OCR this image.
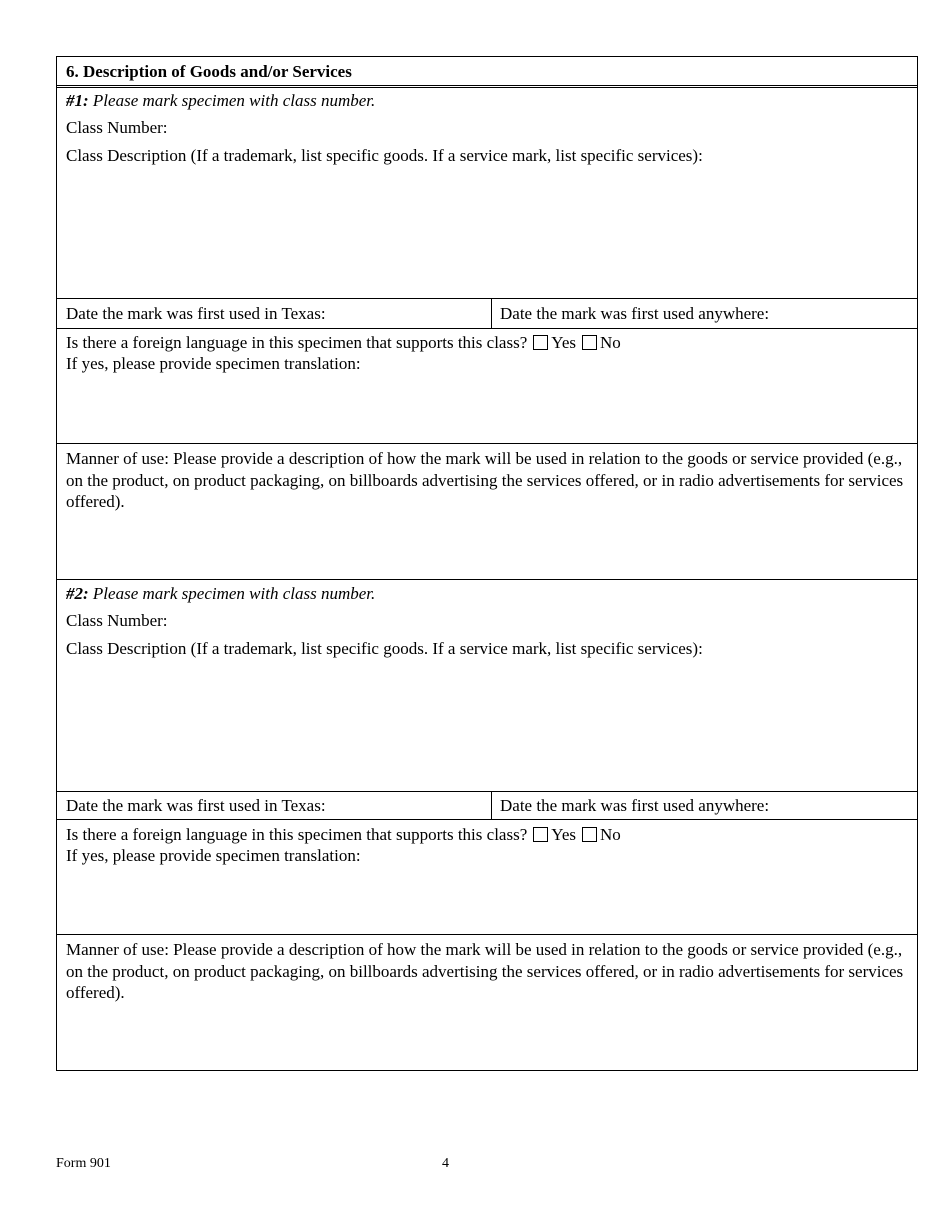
6. Description of Goods and/or Services
#1: Please mark specimen with class number.
Class Number:
Class Description (If a trademark, list specific goods. If a service mark, list specific services):
Date the mark was first used in Texas:	Date the mark was first used anywhere:
Is there a foreign language in this specimen that supports this class? Yes No
If yes, please provide specimen translation:
Manner of use: Please provide a description of how the mark will be used in relation to the goods or service provided (e.g., on the product, on product packaging, on billboards advertising the services offered, or in radio advertisements for services offered).
#2: Please mark specimen with class number.
Class Number:
Class Description (If a trademark, list specific goods. If a service mark, list specific services):
Date the mark was first used in Texas:	Date the mark was first used anywhere:
Is there a foreign language in this specimen that supports this class? Yes No
If yes, please provide specimen translation:
Manner of use: Please provide a description of how the mark will be used in relation to the goods or service provided (e.g., on the product, on product packaging, on billboards advertising the services offered, or in radio advertisements for services offered).
Form 901	4
